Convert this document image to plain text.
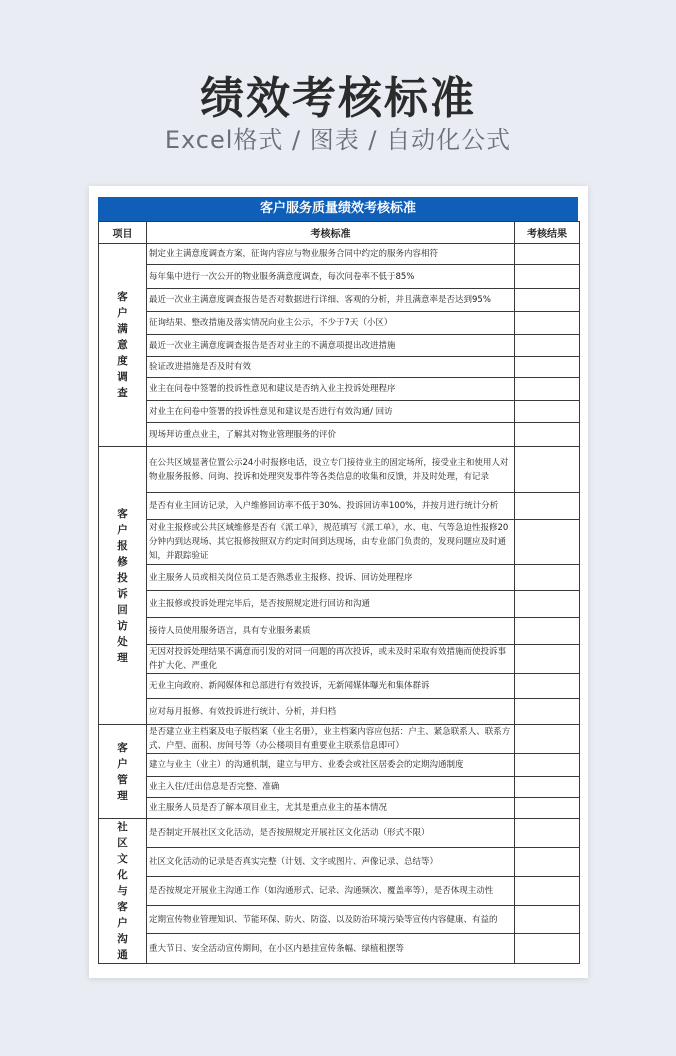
绩效考核标准
Excel格式 / 图表 / 自动化公式
客户服务质量绩效考核标准
项目	考核标准	考核结果
客户满意度调查	制定业主满意度调查方案，征询内容应与物业服务合同中约定的服务内容相符	
	每年集中进行一次公开的物业服务满意度调查，每次问卷率不低于85%	
	最近一次业主满意度调查报告是否对数据进行详细、客观的分析，并且满意率是否达到95%	
	征询结果、整改措施及落实情况向业主公示，不少于7天（小区）	
	最近一次业主满意度调查报告是否对业主的不满意项提出改进措施	
	验证改进措施是否及时有效	
	业主在问卷中签署的投诉性意见和建议是否纳入业主投诉处理程序	
	对业主在问卷中签署的投诉性意见和建议是否进行有效沟通/ 回访	
	现场拜访重点业主，了解其对物业管理服务的评价	
客户报修投诉回访处理	在公共区域显著位置公示24小时报修电话，设立专门接待业主的固定场所，接受业主和使用人对物业服务报修、问询、投诉和处理突发事件等各类信息的收集和反馈，并及时处理，有记录	
	是否有业主回访记录，入户维修回访率不低于30%、投诉回访率100%，并按月进行统计分析	
	对业主报修或公共区域维修是否有《派工单》，规范填写《派工单》，水、电、气等急迫性报修20分钟内到达现场、其它报修按照双方约定时间到达现场，由专业部门负责的，发现问题应及时通知，并跟踪验证	
	业主服务人员或相关岗位员工是否熟悉业主报修、投诉、回访处理程序	
	业主报修或投诉处理完毕后，是否按照规定进行回访和沟通	
	接待人员使用服务语言，具有专业服务素质	
	无因对投诉处理结果不满意而引发的对同一问题的再次投诉，或未及时采取有效措施而使投诉事件扩大化、严重化	
	无业主向政府、新闻媒体和总部进行有效投诉，无新闻媒体曝光和集体群诉	
	应对每月报修、有效投诉进行统计、分析，并归档	
客户管理	是否建立业主档案及电子版档案（业主名册），业主档案内容应包括：户主、紧急联系人、联系方式、户型、面积、房间号等（办公楼项目有重要业主联系信息即可）	
	建立与业主（业主）的沟通机制，建立与甲方、业委会或社区居委会的定期沟通制度	
	业主入住/迁出信息是否完整、准确	
	业主服务人员是否了解本项目业主，尤其是重点业主的基本情况	
社区文化与客户沟通	是否制定开展社区文化活动，是否按照规定开展社区文化活动（形式不限）	
	社区文化活动的记录是否真实完整（计划、文字或图片、声像记录、总结等）	
	是否按规定开展业主沟通工作（如沟通形式、记录、沟通频次、覆盖率等），是否体现主动性	
	定期宣传物业管理知识、节能环保、防火、防盗、以及防治环境污染等宣传内容健康、有益的	
	重大节日、安全活动宣传期间，在小区内悬挂宣传条幅、绿植租摆等	
